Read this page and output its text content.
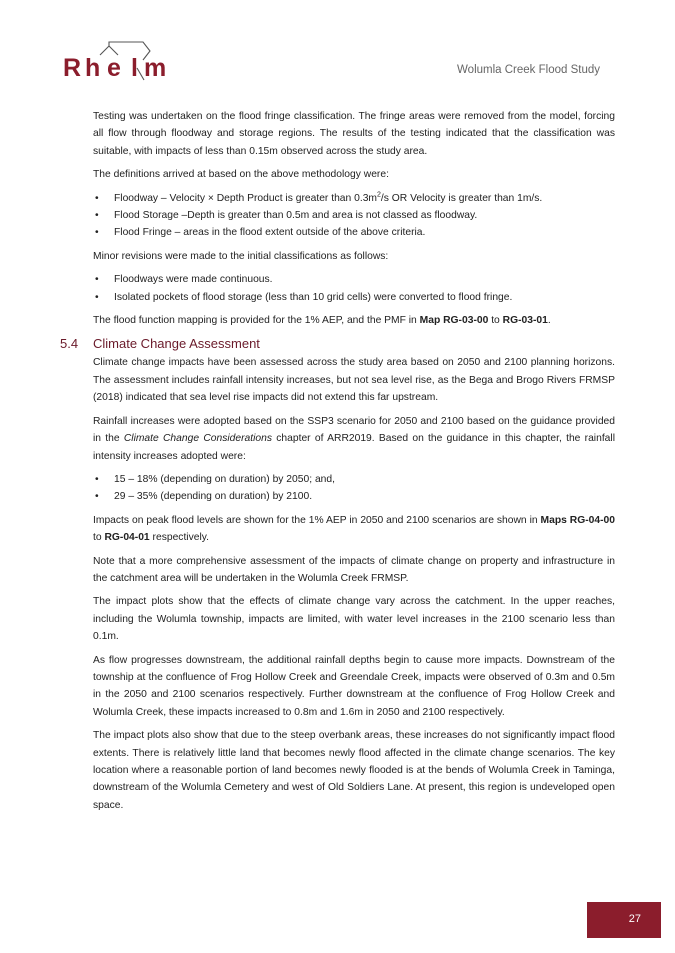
R h e l m	Wolumla Creek Flood Study

Testing was undertaken on the flood fringe classification. The fringe areas were removed from the model, forcing all flow through floodway and storage regions. The results of the testing indicated that the classification was suitable, with impacts of less than 0.15m observed across the study area.

The definitions arrived at based on the above methodology were:

• Floodway – Velocity × Depth Product is greater than $0.3m^2/s$ OR Velocity is greater than 1m/s.
• Flood Storage –Depth is greater than 0.5m and area is not classed as floodway.
• Flood Fringe – areas in the flood extent outside of the above criteria.

Minor revisions were made to the initial classifications as follows:

• Floodways were made continuous.
• Isolated pockets of flood storage (less than 10 grid cells) were converted to flood fringe.

The flood function mapping is provided for the 1% AEP, and the PMF in Map RG-03-00 to RG-03-01.

5.4 Climate Change Assessment

Climate change impacts have been assessed across the study area based on 2050 and 2100 planning horizons. The assessment includes rainfall intensity increases, but not sea level rise, as the Bega and Brogo Rivers FRMSP (2018) indicated that sea level rise impacts did not extend this far upstream.

Rainfall increases were adopted based on the SSP3 scenario for 2050 and 2100 based on the guidance provided in the Climate Change Considerations chapter of ARR2019. Based on the guidance in this chapter, the rainfall intensity increases adopted were:

• 15 – 18% (depending on duration) by 2050; and,
• 29 – 35% (depending on duration) by 2100.

Impacts on peak flood levels are shown for the 1% AEP in 2050 and 2100 scenarios are shown in Maps RG-04-00 to RG-04-01 respectively.

Note that a more comprehensive assessment of the impacts of climate change on property and infrastructure in the catchment area will be undertaken in the Wolumla Creek FRMSP.

The impact plots show that the effects of climate change vary across the catchment. In the upper reaches, including the Wolumla township, impacts are limited, with water level increases in the 2100 scenario less than 0.1m.

As flow progresses downstream, the additional rainfall depths begin to cause more impacts. Downstream of the township at the confluence of Frog Hollow Creek and Greendale Creek, impacts were observed of 0.3m and 0.5m in the 2050 and 2100 scenarios respectively. Further downstream at the confluence of Frog Hollow Creek and Wolumla Creek, these impacts increased to 0.8m and 1.6m in 2050 and 2100 respectively.

The impact plots also show that due to the steep overbank areas, these increases do not significantly impact flood extents. There is relatively little land that becomes newly flood affected in the climate change scenarios. The key location where a reasonable portion of land becomes newly flooded is at the bends of Wolumla Creek in Taminga, downstream of the Wolumla Cemetery and west of Old Soldiers Lane. At present, this region is undeveloped open space.

27
